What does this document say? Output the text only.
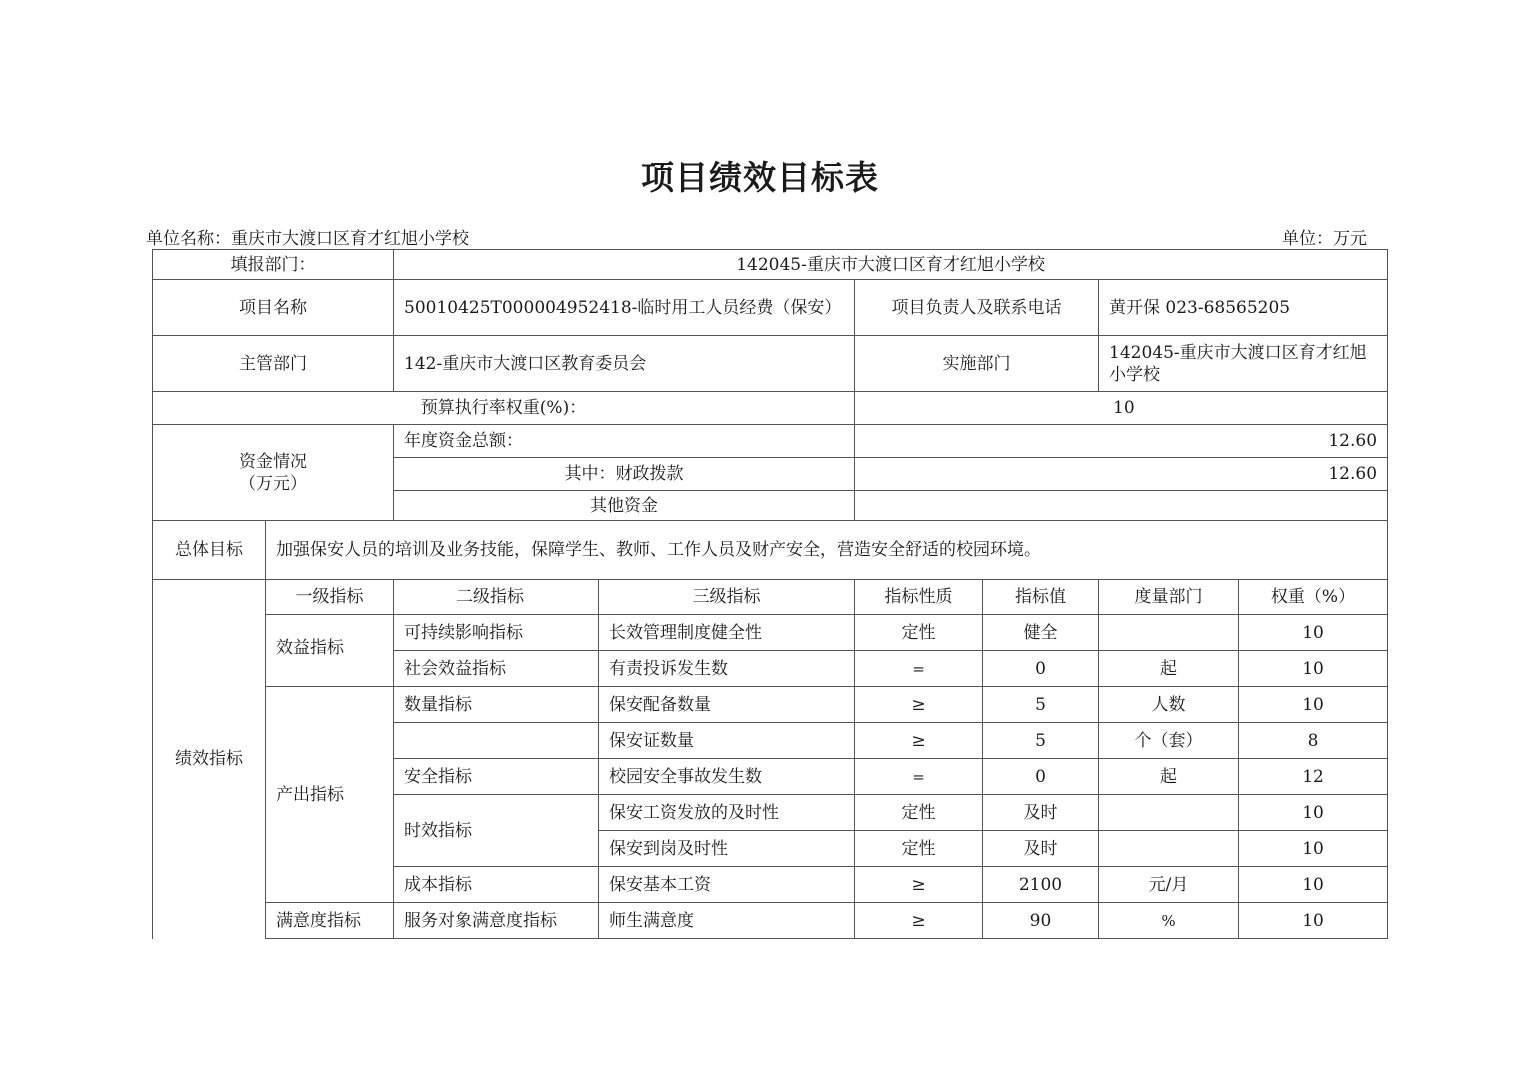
项目绩效目标表
单位名称：重庆市大渡口区育才红旭小学校	单位：万元
填报部门：		142045-重庆市大渡口区育才红旭小学校					
项目名称		50010425T000004952418-临时用工人员经费（保安）		项目负责人及联系电话		黄开保 023-68565205	
主管部门		142-重庆市大渡口区教育委员会		实施部门		142045-重庆市大渡口区育才红旭小学校	
预算执行率权重(%)：				10			

资金情况
（万元）		年度资金总额：		12.60			
		其中：财政拨款		12.60			
		其他资金					
总体目标	加强保安人员的培训及业务技能，保障学生、教师、工作人员及财产安全，营造安全舒适的校园环境。						
绩效指标	一级指标	二级指标	三级指标	指标性质	指标值	度量部门	权重（%）

	效益指标	可持续影响指标	长效管理制度健全性	定性	健全		10
		社会效益指标	有责投诉发生数	=	0	起	10
	产出指标	数量指标	保安配备数量	≥	5	人数	10
			保安证数量	≥	5	个（套）	8
		安全指标	校园安全事故发生数	=	0	起	12
		时效指标	保安工资发放的及时性	定性	及时		10
			保安到岗及时性	定性	及时		10
		成本指标	保安基本工资	≥	2100	元/月	10
	满意度指标	服务对象满意度指标	师生满意度	≥	90	%	10
